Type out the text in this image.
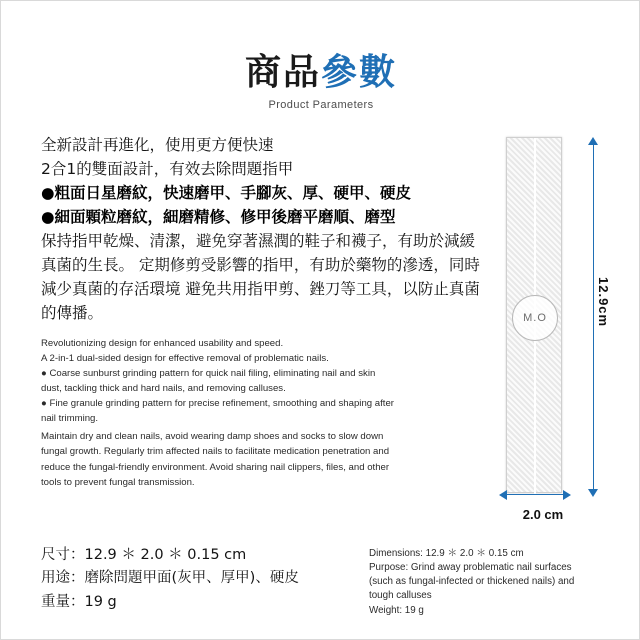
商品參數
Product Parameters
全新設計再進化，使用更方便快速
2合1的雙面設計，有效去除問題指甲
●粗面日星磨紋，快速磨甲、手腳灰、厚、硬甲、硬皮
●細面顆粒磨紋，細磨精修、修甲後磨平磨順、磨型
保持指甲乾燥、清潔，避免穿著濕潤的鞋子和襪子，有助於減緩真菌的生長。 定期修剪受影響的指甲，有助於藥物的滲透，同時減少真菌的存活環境 避免共用指甲剪、銼刀等工具，以防止真菌的傳播。
Revolutionizing design for enhanced usability and speed.
A 2-in-1 dual-sided design for effective removal of problematic nails.
● Coarse sunburst grinding pattern for quick nail filing, eliminating nail and skin
dust, tackling thick and hard nails, and removing calluses.
● Fine granule grinding pattern for precise refinement, smoothing and shaping after
nail trimming.
Maintain dry and clean nails, avoid wearing damp shoes and socks to slow down
fungal growth. Regularly trim affected nails to facilitate medication penetration and
reduce the fungal-friendly environment. Avoid sharing nail clippers, files, and other
tools to prevent fungal transmission.
M.O	12.9cm
2.0 cm
尺寸：12.9 ＊ 2.0 ＊ 0.15 cm
用途：磨除問題甲面(灰甲、厚甲)、硬皮
重量：19 g
Dimensions: 12.9 ＊ 2.0 ＊ 0.15 cm
Purpose: Grind away problematic nail surfaces
(such as fungal-infected or thickened nails) and
tough calluses
Weight: 19 g
